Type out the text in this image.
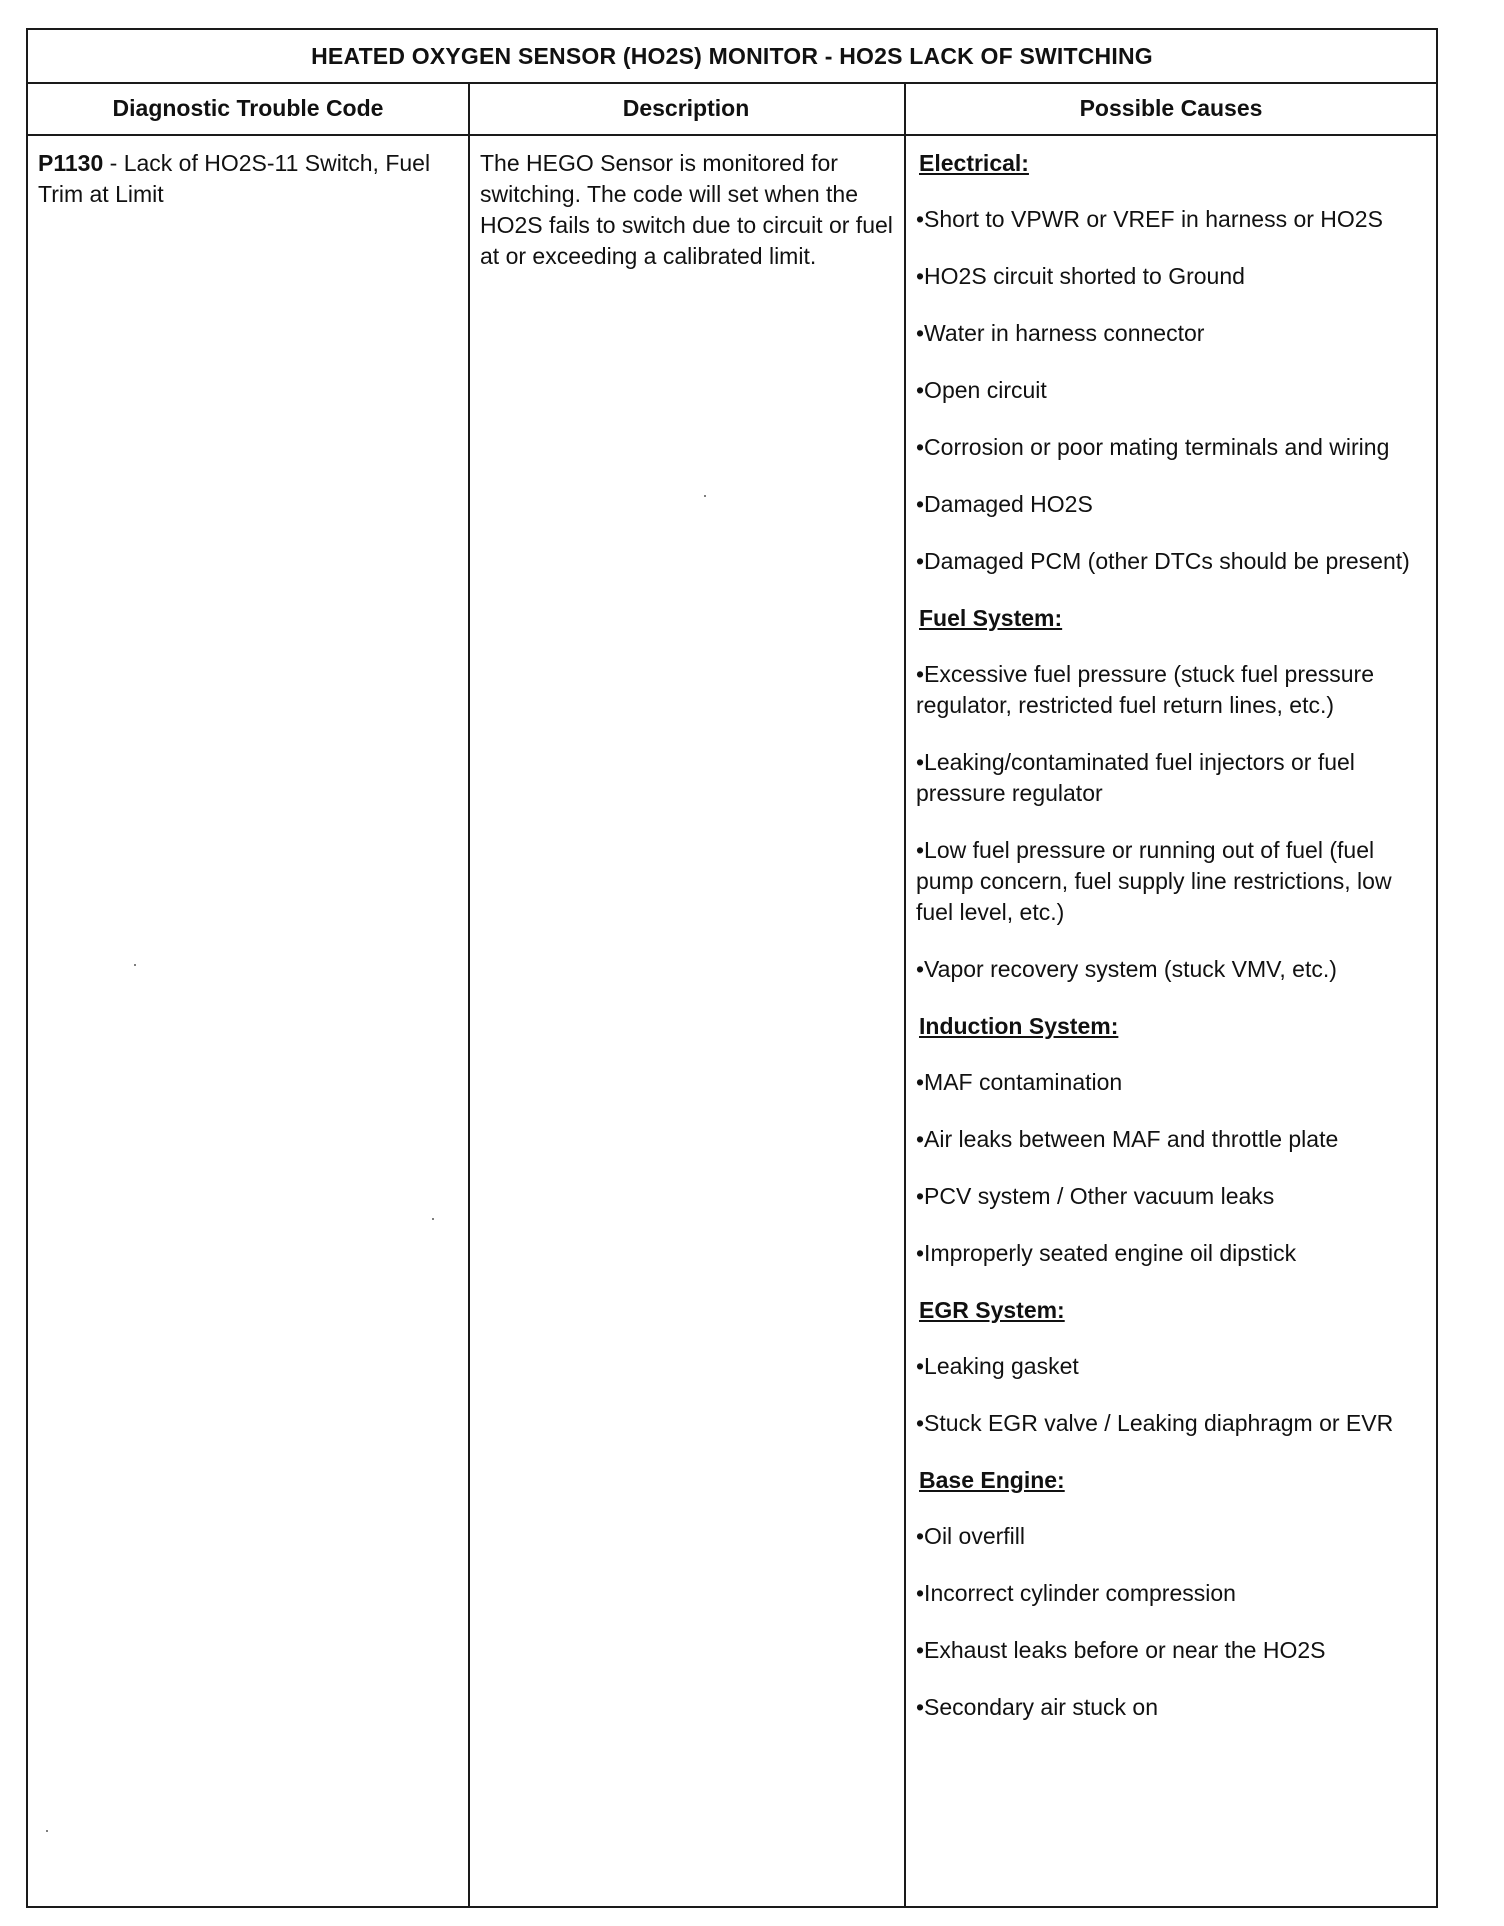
HEATED OXYGEN SENSOR (HO2S) MONITOR - HO2S LACK OF SWITCHING
Diagnostic Trouble Code	Description	Possible Causes
P1130 - Lack of HO2S-11 Switch, Fuel Trim at Limit
The HEGO Sensor is monitored for switching. The code will set when the HO2S fails to switch due to circuit or fuel at or exceeding a calibrated limit.
Electrical:
•Short to VPWR or VREF in harness or HO2S
•HO2S circuit shorted to Ground
•Water in harness connector
•Open circuit
•Corrosion or poor mating terminals and wiring
•Damaged HO2S
•Damaged PCM (other DTCs should be present)
Fuel System:
•Excessive fuel pressure (stuck fuel pressure regulator, restricted fuel return lines, etc.)
•Leaking/contaminated fuel injectors or fuel pressure regulator
•Low fuel pressure or running out of fuel (fuel pump concern, fuel supply line restrictions, low fuel level, etc.)
•Vapor recovery system (stuck VMV, etc.)
Induction System:
•MAF contamination
•Air leaks between MAF and throttle plate
•PCV system / Other vacuum leaks
•Improperly seated engine oil dipstick
EGR System:
•Leaking gasket
•Stuck EGR valve / Leaking diaphragm or EVR
Base Engine:
•Oil overfill
•Incorrect cylinder compression
•Exhaust leaks before or near the HO2S
•Secondary air stuck on
